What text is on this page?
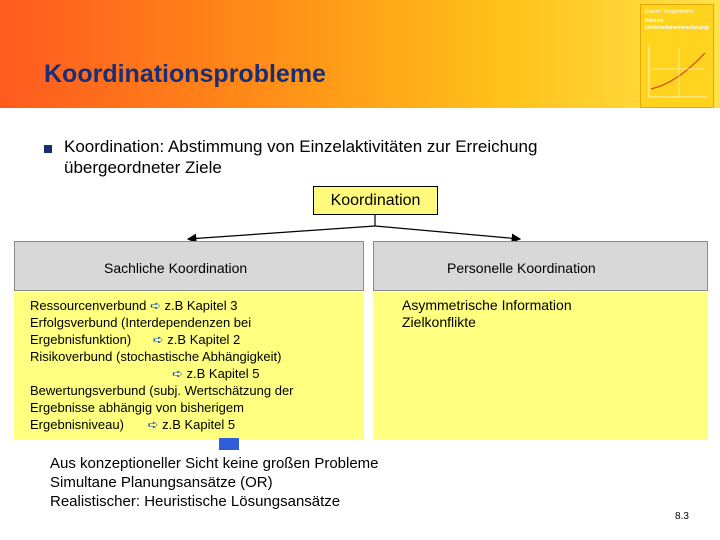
Koordinationsprobleme
Ewert / Wagenhofer
Interne
Unternehmensrechnung
Koordination: Abstimmung von Einzelaktivitäten zur Erreichung
übergeordneter Ziele
Koordination
Sachliche Koordination	Personelle Koordination
Ressourcenverbund ➪ z.B Kapitel 3
Erfolgsverbund (Interdependenzen bei
Ergebnisfunktion) ➪ z.B Kapitel 2
Risikoverbund (stochastische Abhängigkeit)
➪ z.B Kapitel 5
Bewertungsverbund (subj. Wertschätzung der
Ergebnisse abhängig von bisherigem
Ergebnisniveau) ➪ z.B Kapitel 5
Asymmetrische Information
Zielkonflikte
Aus konzeptioneller Sicht keine großen Probleme
Simultane Planungsansätze (OR)
Realistischer: Heuristische Lösungsansätze
8.3
